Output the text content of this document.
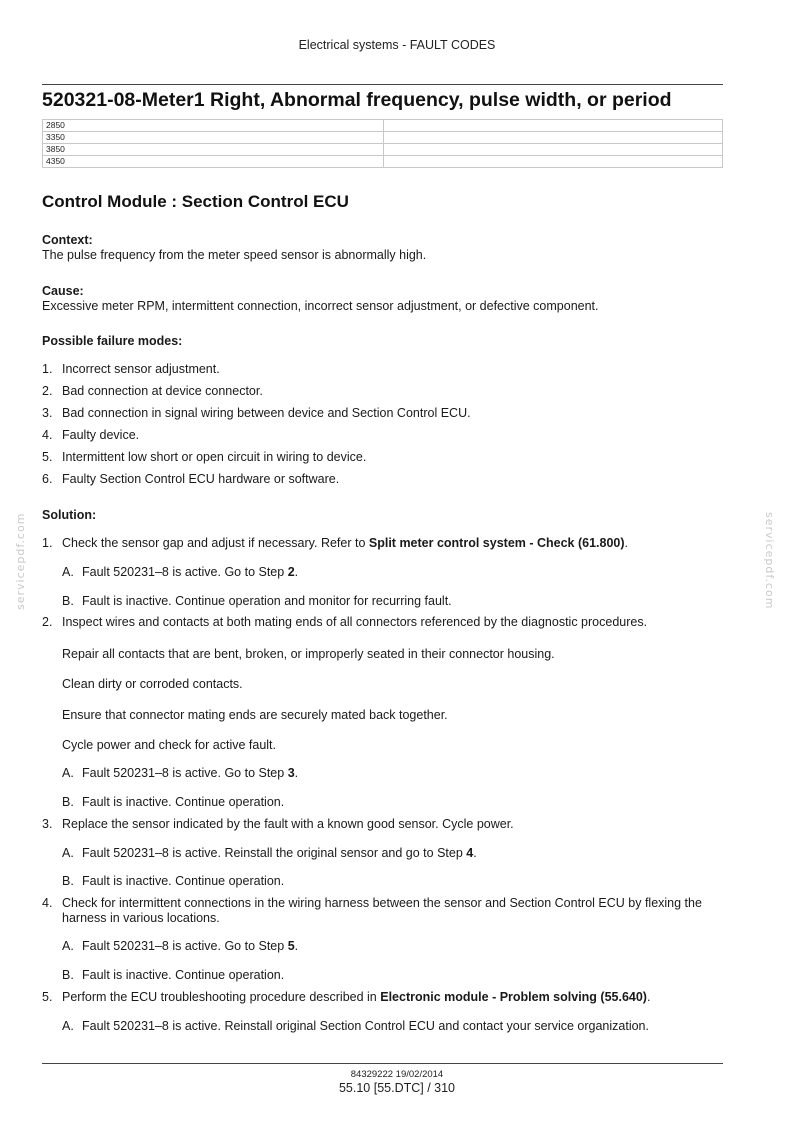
Electrical systems - FAULT CODES
520321-08-Meter1 Right, Abnormal frequency, pulse width, or period
2850	
3350	
3850	
4350	
Control Module : Section Control ECU
Context:
The pulse frequency from the meter speed sensor is abnormally high.
Cause:
Excessive meter RPM, intermittent connection, incorrect sensor adjustment, or defective component.
Possible failure modes:
1. Incorrect sensor adjustment.
2. Bad connection at device connector.
3. Bad connection in signal wiring between device and Section Control ECU.
4. Faulty device.
5. Intermittent low short or open circuit in wiring to device.
6. Faulty Section Control ECU hardware or software.
Solution:
1. Check the sensor gap and adjust if necessary. Refer to Split meter control system - Check (61.800).
A. Fault 520231–8 is active. Go to Step 2.
B. Fault is inactive. Continue operation and monitor for recurring fault.
2. Inspect wires and contacts at both mating ends of all connectors referenced by the diagnostic procedures.
Repair all contacts that are bent, broken, or improperly seated in their connector housing.
Clean dirty or corroded contacts.
Ensure that connector mating ends are securely mated back together.
Cycle power and check for active fault.
A. Fault 520231–8 is active. Go to Step 3.
B. Fault is inactive. Continue operation.
3. Replace the sensor indicated by the fault with a known good sensor. Cycle power.
A. Fault 520231–8 is active. Reinstall the original sensor and go to Step 4.
B. Fault is inactive. Continue operation.
4. Check for intermittent connections in the wiring harness between the sensor and Section Control ECU by flexing the harness in various locations.
A. Fault 520231–8 is active. Go to Step 5.
B. Fault is inactive. Continue operation.
5. Perform the ECU troubleshooting procedure described in Electronic module - Problem solving (55.640).
A. Fault 520231–8 is active. Reinstall original Section Control ECU and contact your service organization.
servicepdf.com	servicepdf.com
84329222 19/02/2014
55.10 [55.DTC] / 310
